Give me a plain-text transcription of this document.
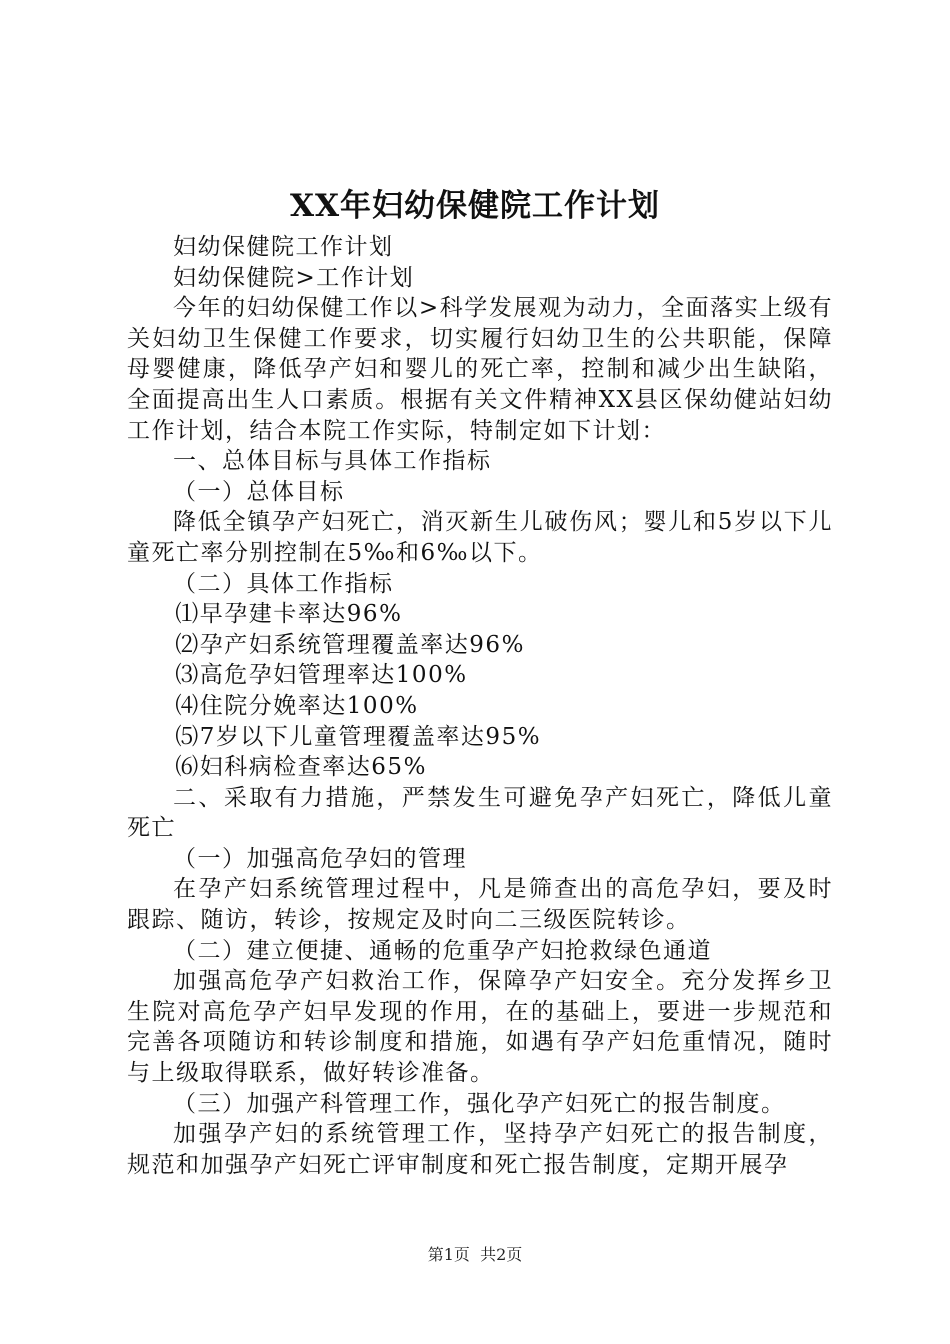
XX年妇幼保健院工作计划

妇幼保健院工作计划

妇幼保健院>工作计划

今年的妇幼保健工作以>科学发展观为动力，全面落实上级有关妇幼卫生保健工作要求，切实履行妇幼卫生的公共职能，保障母婴健康，降低孕产妇和婴儿的死亡率，控制和减少出生缺陷，全面提高出生人口素质。根据有关文件精神XX县区保幼健站妇幼工作计划，结合本院工作实际，特制定如下计划：

一、总体目标与具体工作指标

（一）总体目标

降低全镇孕产妇死亡，消灭新生儿破伤风；婴儿和5岁以下儿童死亡率分别控制在5‰和6‰以下。

（二）具体工作指标

⑴早孕建卡率达96%

⑵孕产妇系统管理覆盖率达96%

⑶高危孕妇管理率达100%

⑷住院分娩率达100%

⑸7岁以下儿童管理覆盖率达95%

⑹妇科病检查率达65%

二、采取有力措施，严禁发生可避免孕产妇死亡，降低儿童死亡

（一）加强高危孕妇的管理

在孕产妇系统管理过程中，凡是筛查出的高危孕妇，要及时跟踪、随访，转诊，按规定及时向二三级医院转诊。

（二）建立便捷、通畅的危重孕产妇抢救绿色通道

加强高危孕产妇救治工作，保障孕产妇安全。充分发挥乡卫生院对高危孕产妇早发现的作用，在的基础上，要进一步规范和完善各项随访和转诊制度和措施，如遇有孕产妇危重情况，随时与上级取得联系，做好转诊准备。

（三）加强产科管理工作，强化孕产妇死亡的报告制度。

加强孕产妇的系统管理工作，坚持孕产妇死亡的报告制度，规范和加强孕产妇死亡评审制度和死亡报告制度，定期开展孕

第1页  共2页
